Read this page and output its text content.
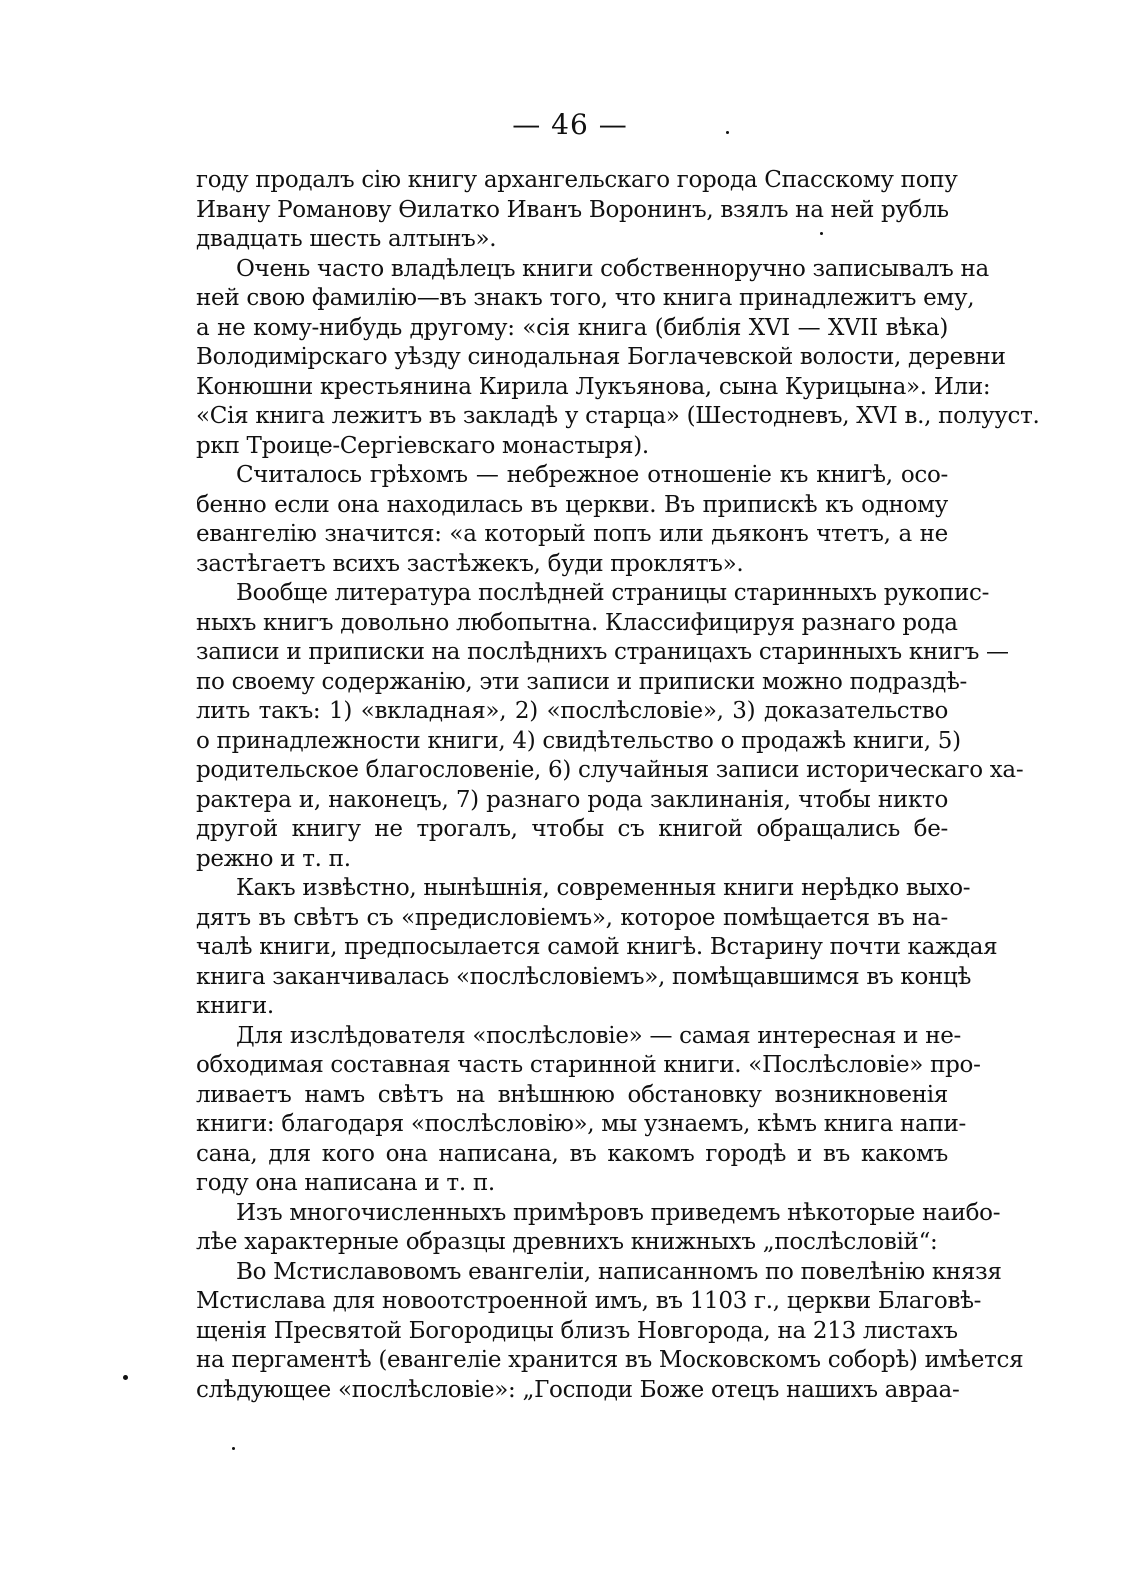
— 46 —
году продалъ сію книгу архангельскаго города Спасскому попу
Ивану Романову Ѳилатко Иванъ Воронинъ, взялъ на ней рубль
двадцать шесть алтынъ».
Очень часто владѣлецъ книги собственноручно записывалъ на
ней свою фамилію—въ знакъ того, что книга принадлежитъ ему,
а не кому-нибудь другому: «сія книга (библія XVI — XVII вѣка)
Володимірскаго уѣзду синодальная Боглачевской волости, деревни
Конюшни крестьянина Кирила Лукъянова, сына Курицына». Или:
«Сія книга лежитъ въ закладѣ у старца» (Шестодневъ, XVI в., полууст.
ркп Троице-Сергіевскаго монастыря).
Считалось грѣхомъ — небрежное отношеніе къ книгѣ, осо-
бенно если она находилась въ церкви. Въ припискѣ къ одному
евангелію значится: «а который попъ или дьяконъ чтетъ, а не
застѣгаетъ всихъ застѣжекъ, буди проклятъ».
Вообще литература послѣдней страницы старинныхъ рукопис-
ныхъ книгъ довольно любопытна. Классифицируя разнаго рода
записи и приписки на послѣднихъ страницахъ старинныхъ книгъ —
по своему содержанію, эти записи и приписки можно подраздѣ-
лить такъ: 1) «вкладная», 2) «послѣсловіе», 3) доказательство
о принадлежности книги, 4) свидѣтельство о продажѣ книги, 5)
родительское благословеніе, 6) случайныя записи историческаго ха-
рактера и, наконецъ, 7) разнаго рода заклинанія, чтобы никто
другой книгу не трогалъ, чтобы съ книгой обращались бе-
режно и т. п.
Какъ извѣстно, нынѣшнія, современныя книги нерѣдко выхо-
дятъ въ свѣтъ съ «предисловіемъ», которое помѣщается въ на-
чалѣ книги, предпосылается самой книгѣ. Встарину почти каждая
книга заканчивалась «послѣсловіемъ», помѣщавшимся въ концѣ
книги.
Для изслѣдователя «послѣсловіе» — самая интересная и не-
обходимая составная часть старинной книги. «Послѣсловіе» про-
ливаетъ намъ свѣтъ на внѣшнюю обстановку возникновенія
книги: благодаря «послѣсловію», мы узнаемъ, кѣмъ книга напи-
сана, для кого она написана, въ какомъ городѣ и въ какомъ
году она написана и т. п.
Изъ многочисленныхъ примѣровъ приведемъ нѣкоторые наибо-
лѣе характерные образцы древнихъ книжныхъ „послѣсловій“:
Во Мстиславовомъ евангеліи, написанномъ по повелѣнію князя
Мстислава для новоотстроенной имъ, въ 1103 г., церкви Благовѣ-
щенія Пресвятой Богородицы близъ Новгорода, на 213 листахъ
на пергаментѣ (евангеліе хранится въ Московскомъ соборѣ) имѣется
слѣдующее «послѣсловіе»: „Господи Боже отецъ нашихъ авраа-
